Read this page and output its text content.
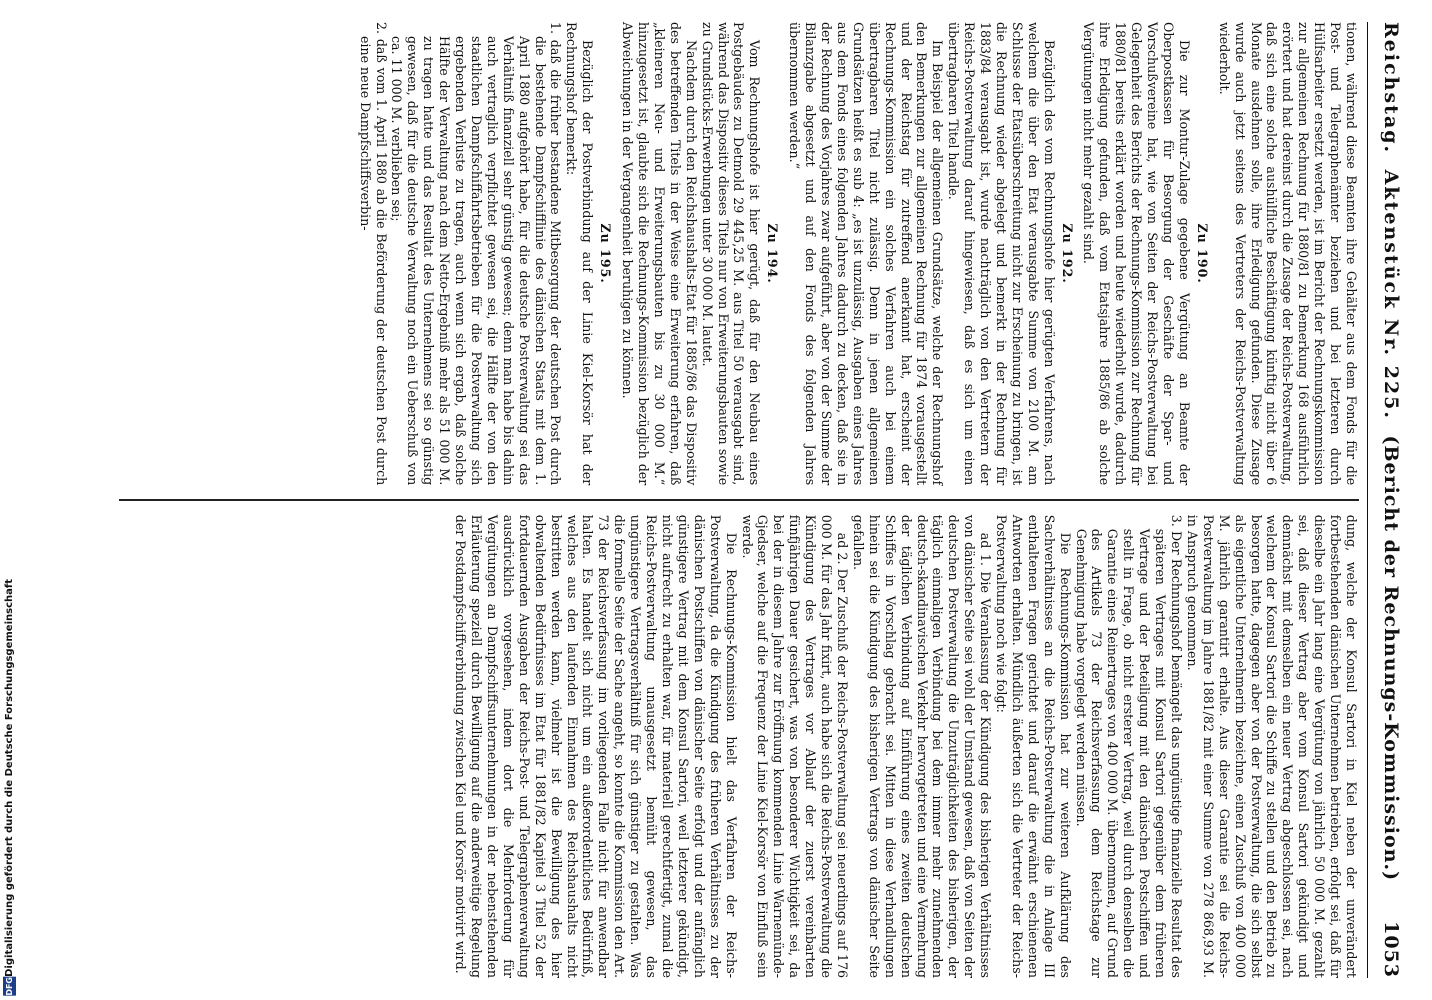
Reichstag.
Aktenstück Nr. 225.
(Bericht der Rechnungs-Kommission.)
1053

tionen, während diese Beamten ihre Gehälter aus dem Fonds für die Post- und Telegraphenämter beziehen und bei letzteren durch Hülfsarbeiter ersetzt werden, ist im Bericht der Rechnungskommission zur allgemeinen Rechnung für 1880/81 zu Bemerkung 168 ausführlich erörtert und hat dereinst durch die Zusage der Reichs-Postverwaltung, daß sich eine solche aushülfliche Beschäftigung künftig nicht über 6 Monate ausdehnen solle, ihre Erledigung gefunden. Diese Zusage wurde auch jetzt seitens des Vertreters der Reichs-Postverwaltung wiederholt.

Zu 190.

Die zur Montur-Zulage gegebene Vergütung an Beamte der Oberpostkassen für Besorgung der Geschäfte der Spar- und Vorschußvereine hat, wie von Seiten der Reichs-Postverwaltung bei Gelegenheit des Berichts der Rechnungs-Kommission zur Rechnung für 1880/81 bereits erklärt worden und heute wiederholt wurde, dadurch ihre Erledigung gefunden, daß vom Etatsjahre 1885/86 ab solche Vergütungen nicht mehr gezahlt sind.

Zu 192.

Bezüglich des vom Rechnungshofe hier gerügten Verfahrens, nach welchem die über den Etat verausgabte Summe von 2100 M. am Schlusse der Etatsüberschreitung nicht zur Erscheinung zu bringen, ist die Rechnung wieder abgelegt und bemerkt in der Rechnung für 1883/84 verausgabt ist, wurde nachträglich von den Vertretern der Reichs-Postverwaltung darauf hingewiesen, daß es sich um einen übertragbaren Titel handle.

Im Beispiel der allgemeinen Grundsätze, welche der Rechnungshof den Bemerkungen zur allgemeinen Rechnung für 1874 vorausgestellt und der Reichstag für zutreffend anerkannt hat, erscheint der Rechnungs-Kommission ein solches Verfahren auch bei einem übertragbaren Titel nicht zulässig. Denn in jenen allgemeinen Grundsätzen heißt es sub 4: „es ist unzulässig, Ausgaben eines Jahres aus dem Fonds eines folgenden Jahres dadurch zu decken, daß sie in der Rechnung des Vorjahres zwar aufgeführt, aber von der Summe der Bilanzgabe abgesetzt und auf den Fonds des folgenden Jahres übernommen werden.“

Zu 194.

Vom Rechnungshofe ist hier gerügt, daß für den Neubau eines Postgebäudes zu Detmold 29 445,25 M. aus Titel 50 verausgabt sind, während das Dispositiv dieses Titels nur von Erweiterungsbauten sowie zu Grundstücks-Erwerbungen unter 30 000 M. lautet.

Nachdem durch den Reichshaushalts-Etat für 1885/86 das Dispositiv des betreffenden Titels in der Weise eine Erweiterung erfahren, daß „kleineren Neu- und Erweiterungsbauten bis zu 30 000 M.“ hinzugesetzt ist, glaubte sich die Rechnungs-Kommission bezüglich der Abweichungen in der Vergangenheit beruhigen zu können.

Zu 195.

Bezüglich der Postverbindung auf der Linie Kiel-Korsör hat der Rechnungshof bemerkt:

1. daß die früher bestandene Mitbesorgung der deutschen Post durch die bestehende Dampfschifflinie des dänischen Staats mit dem 1. April 1880 aufgehört habe, für die deutsche Postverwaltung sei das Verhältniß finanziell sehr günstig gewesen; denn man habe bis dahin auch vertraglich verpflichtet gewesen sei, die Hälfte der von den staatlichen Dampfschiffahrtsbetrieben für die Postverwaltung sich ergebenden Verluste zu tragen, auch wenn sich ergab, daß solche Hälfte der Verwaltung nach dem Netto-Ergebniß mehr als 51 000 M. zu tragen hatte und das Resultat des Unternehmens sei so günstig gewesen, daß für die deutsche Verwaltung noch ein Ueberschuß von ca. 11 000 M. verblieben sei;

2. daß vom 1. April 1880 ab die Beförderung der deutschen Post durch eine neue Dampfschiffsverbin-

dung, welche der Konsul Sartori in Kiel neben der unverändert fortbestehenden dänischen Unternehmen betrieben, erfolgt sei, daß für dieselbe ein Jahr lang eine Vergütung von jährlich 50 000 M. gezahlt sei, daß dieser Vertrag aber vom Konsul Sartori gekündigt und demnächst mit demselben ein neuer Vertrag abgeschlossen sei, nach welchem der Konsul Sartori die Schiffe zu stellen und den Betrieb zu besorgen hatte, dagegen aber von der Postverwaltung, die sich selbst als eigentliche Unternehmerin bezeichne, einen Zuschuß von 400 000 M. jährlich garantirt erhalte. Aus dieser Garantie sei die Reichs-Postverwaltung im Jahre 1881/82 mit einer Summe von 278 868,93 M. in Anspruch genommen.

3. Der Rechnungshof bemängelt das ungünstige finanzielle Resultat des späteren Vertrages mit Konsul Sartori gegenüber dem früheren Vertrage und der Beteiligung mit den dänischen Postschiffen und stellt in Frage, ob nicht ersterer Vertrag, weil durch denselben die Garantie eines Reinertrages von 400 000 M. übernommen, auf Grund des Artikels 73 der Reichsverfassung dem Reichstage zur Genehmigung habe vorgelegt werden müssen.

Die Rechnungs-Kommission hat zur weiteren Aufklärung des Sachverhältnisses an die Reichs-Postverwaltung die in Anlage III enthaltenen Fragen gerichtet und darauf die erwähnt erschienenen Antworten erhalten. Mündlich äußerten sich die Vertreter der Reichs-Postverwaltung noch wie folgt:

ad 1. Die Veranlassung der Kündigung des bisherigen Verhältnisses von dänischer Seite sei wohl der Umstand gewesen, daß von Seiten der deutschen Postverwaltung die Unzuträglichkeiten des bisherigen, der täglich einmaligen Verbindung bei dem immer mehr zunehmenden deutsch-skandinavischen Verkehr hervorgetreten und eine Vermehrung der täglichen Verbindung auf Einführung eines zweiten deutschen Schiffes in Vorschlag gebracht sei. Mitten in diese Verhandlungen hinein sei die Kündigung des bisherigen Vertrags von dänischer Seite gefallen.

ad 2. Der Zuschuß der Reichs-Postverwaltung sei neuerdings auf 176 000 M. für das Jahr fixirt, auch habe sich die Reichs-Postverwaltung die Kündigung des Vertrages vor Ablauf der zuerst vereinbarten fünfjährigen Dauer gesichert, was von besonderer Wichtigkeit sei, da bei der in diesem Jahre zur Eröffnung kommenden Linie Warnemünde-Gjedser, welche auf die Frequenz der Linie Kiel-Korsör von Einfluß sein werde.

Die Rechnungs-Kommission hielt das Verfahren der Reichs-Postverwaltung, da die Kündigung des früheren Verhältnisses zu der dänischen Postschiffen von dänischer Seite erfolgt und der anfänglich günstigere Vertrag mit dem Konsul Sartori, weil letzterer gekündigt, nicht aufrecht zu erhalten war, für materiell gerechtfertigt, zumal die Reichs-Postverwaltung unausgesetzt bemüht gewesen, das ungünstigere Vertragsverhältniß für sich günstiger zu gestalten. Was die formelle Seite der Sache angeht, so konnte die Kommission den Art. 73 der Reichsverfassung im vorliegenden Falle nicht für anwendbar halten. Es handelt sich nicht um ein außerordentliches Bedürfniß, welches aus den laufenden Einnahmen des Reichshaushalts nicht bestritten werden kann, vielmehr ist die Bewilligung des hier obwaltenden Bedürfnisses im Etat für 1881/82 Kapitel 3 Titel 52 der fortdauernden Ausgaben der Reichs-Post- und Telegraphenverwaltung ausdrücklich vorgesehen, indem dort die Mehrforderung für Vergütungen an Dampfschiffsunternehmungen in der nebenstehenden Erläuterung speziell durch Bewilligung auf die anderweitige Regelung der Postdampfschiffverbindung zwischen Kiel und Korsör motivirt wird.

DFG
Digitalisierung gefördert durch die Deutsche Forschungsgemeinschaft
